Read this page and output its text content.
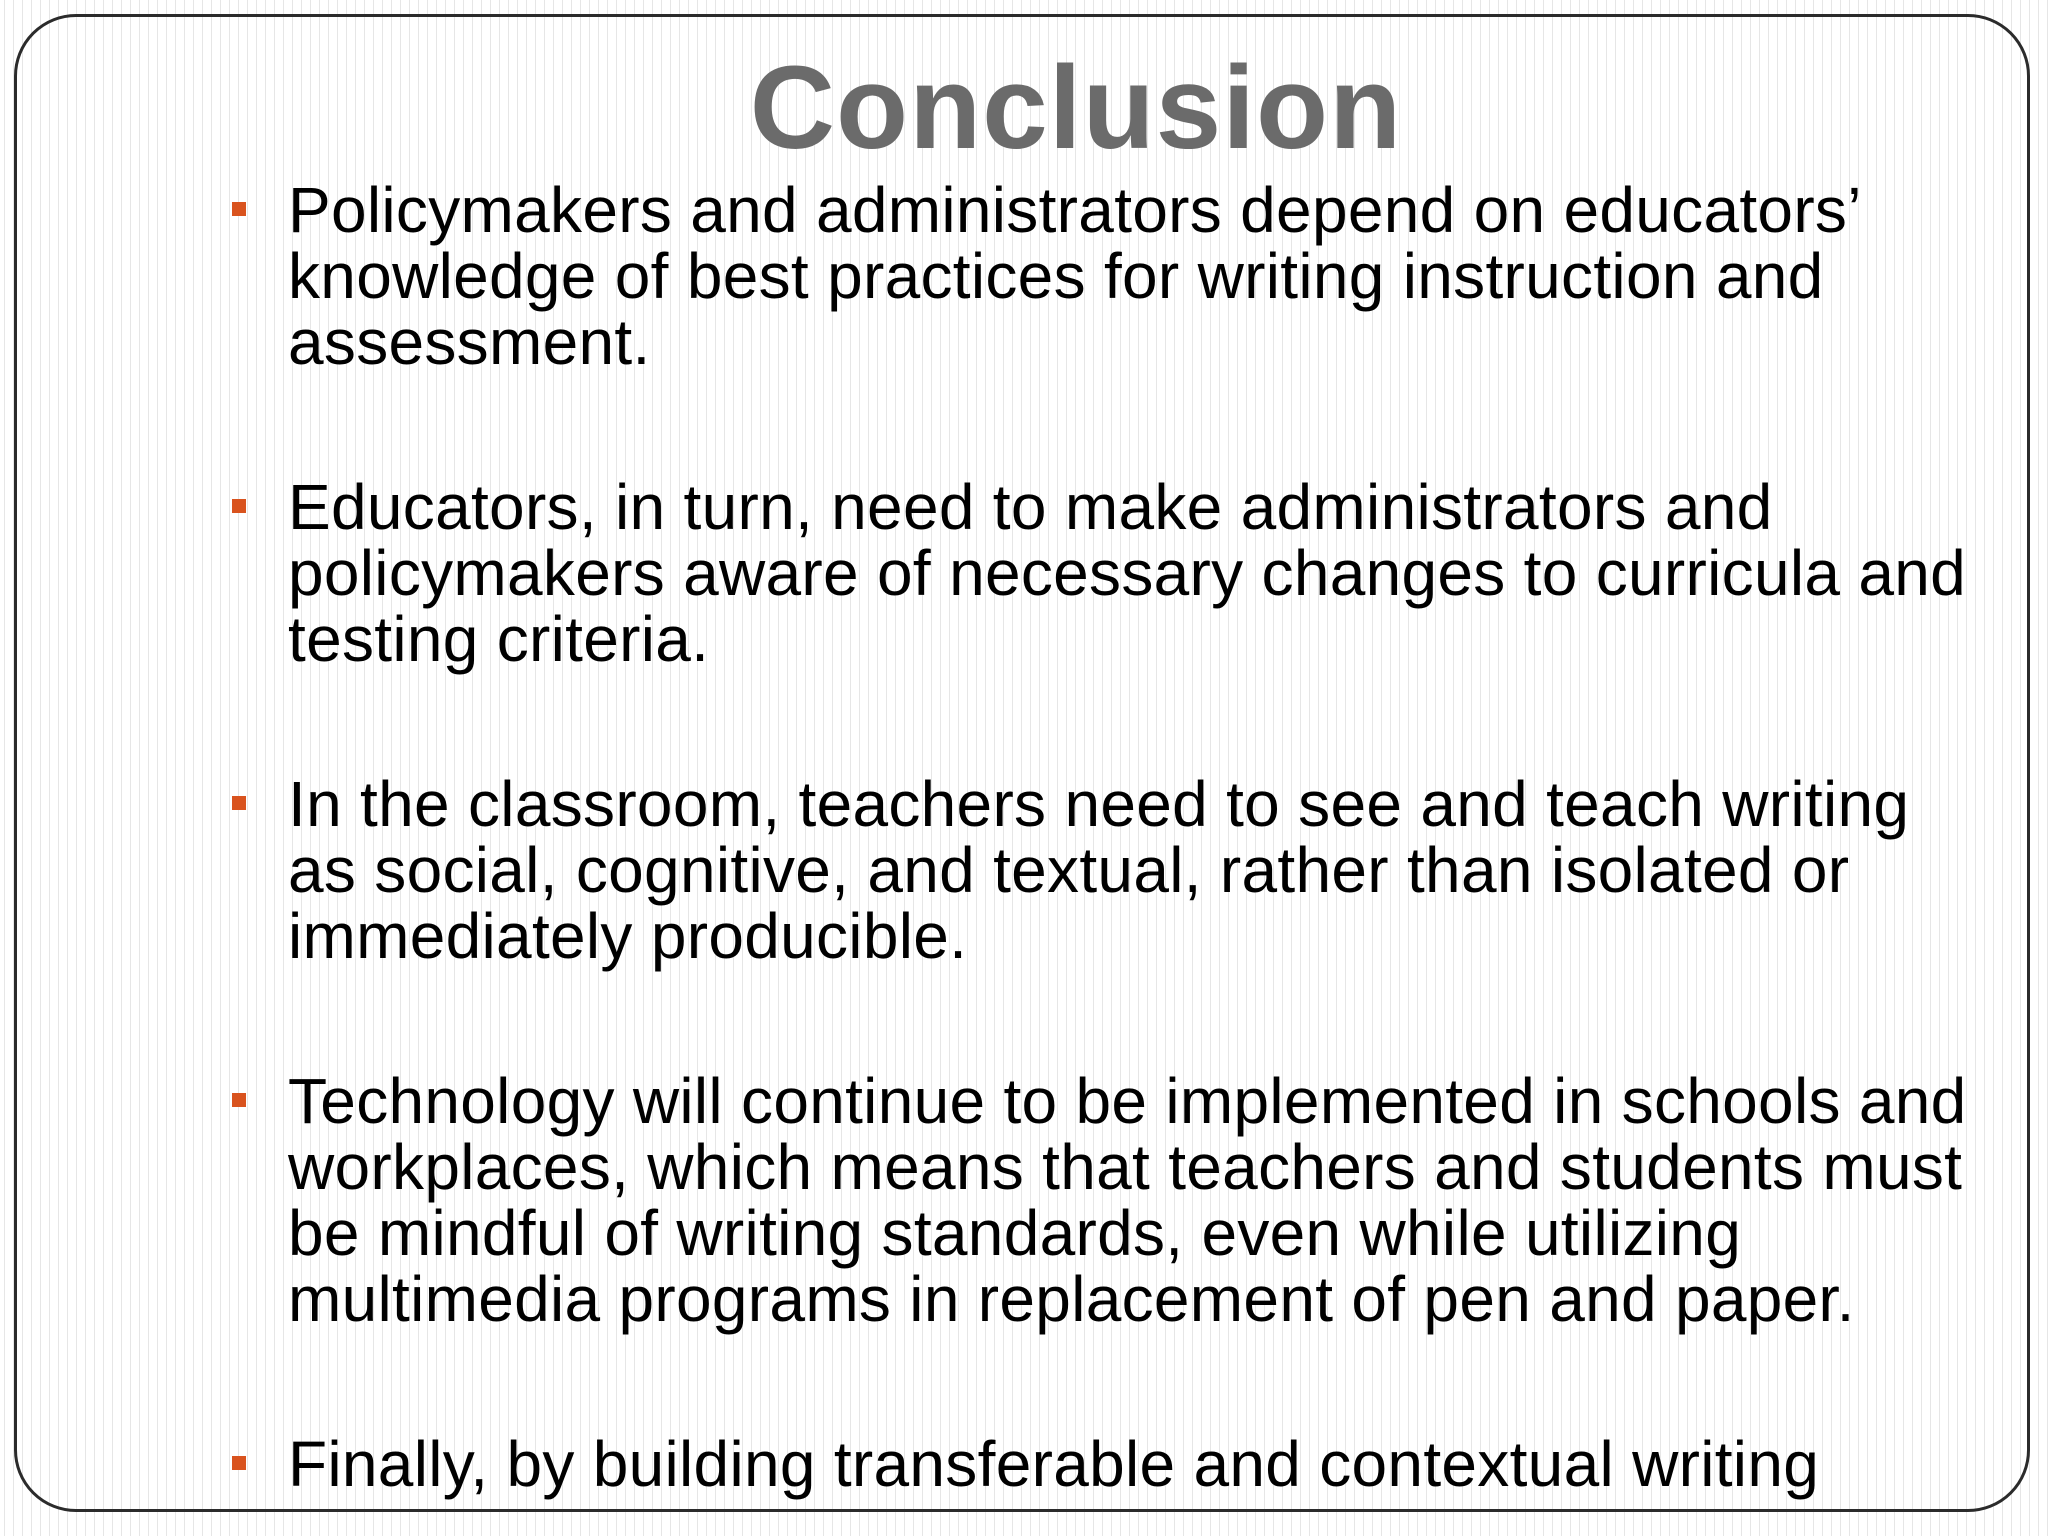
Conclusion
Policymakers and administrators depend on educators’ knowledge of best practices for writing instruction and assessment.
Educators, in turn, need to make administrators and policymakers aware of necessary changes to curricula and testing criteria.
In the classroom, teachers need to see and teach writing as social, cognitive, and textual, rather than isolated or immediately producible.
Technology will continue to be implemented in schools and workplaces, which means that teachers and students must be mindful of writing standards, even while utilizing multimedia programs in replacement of pen and paper.
Finally, by building transferable and contextual writing
